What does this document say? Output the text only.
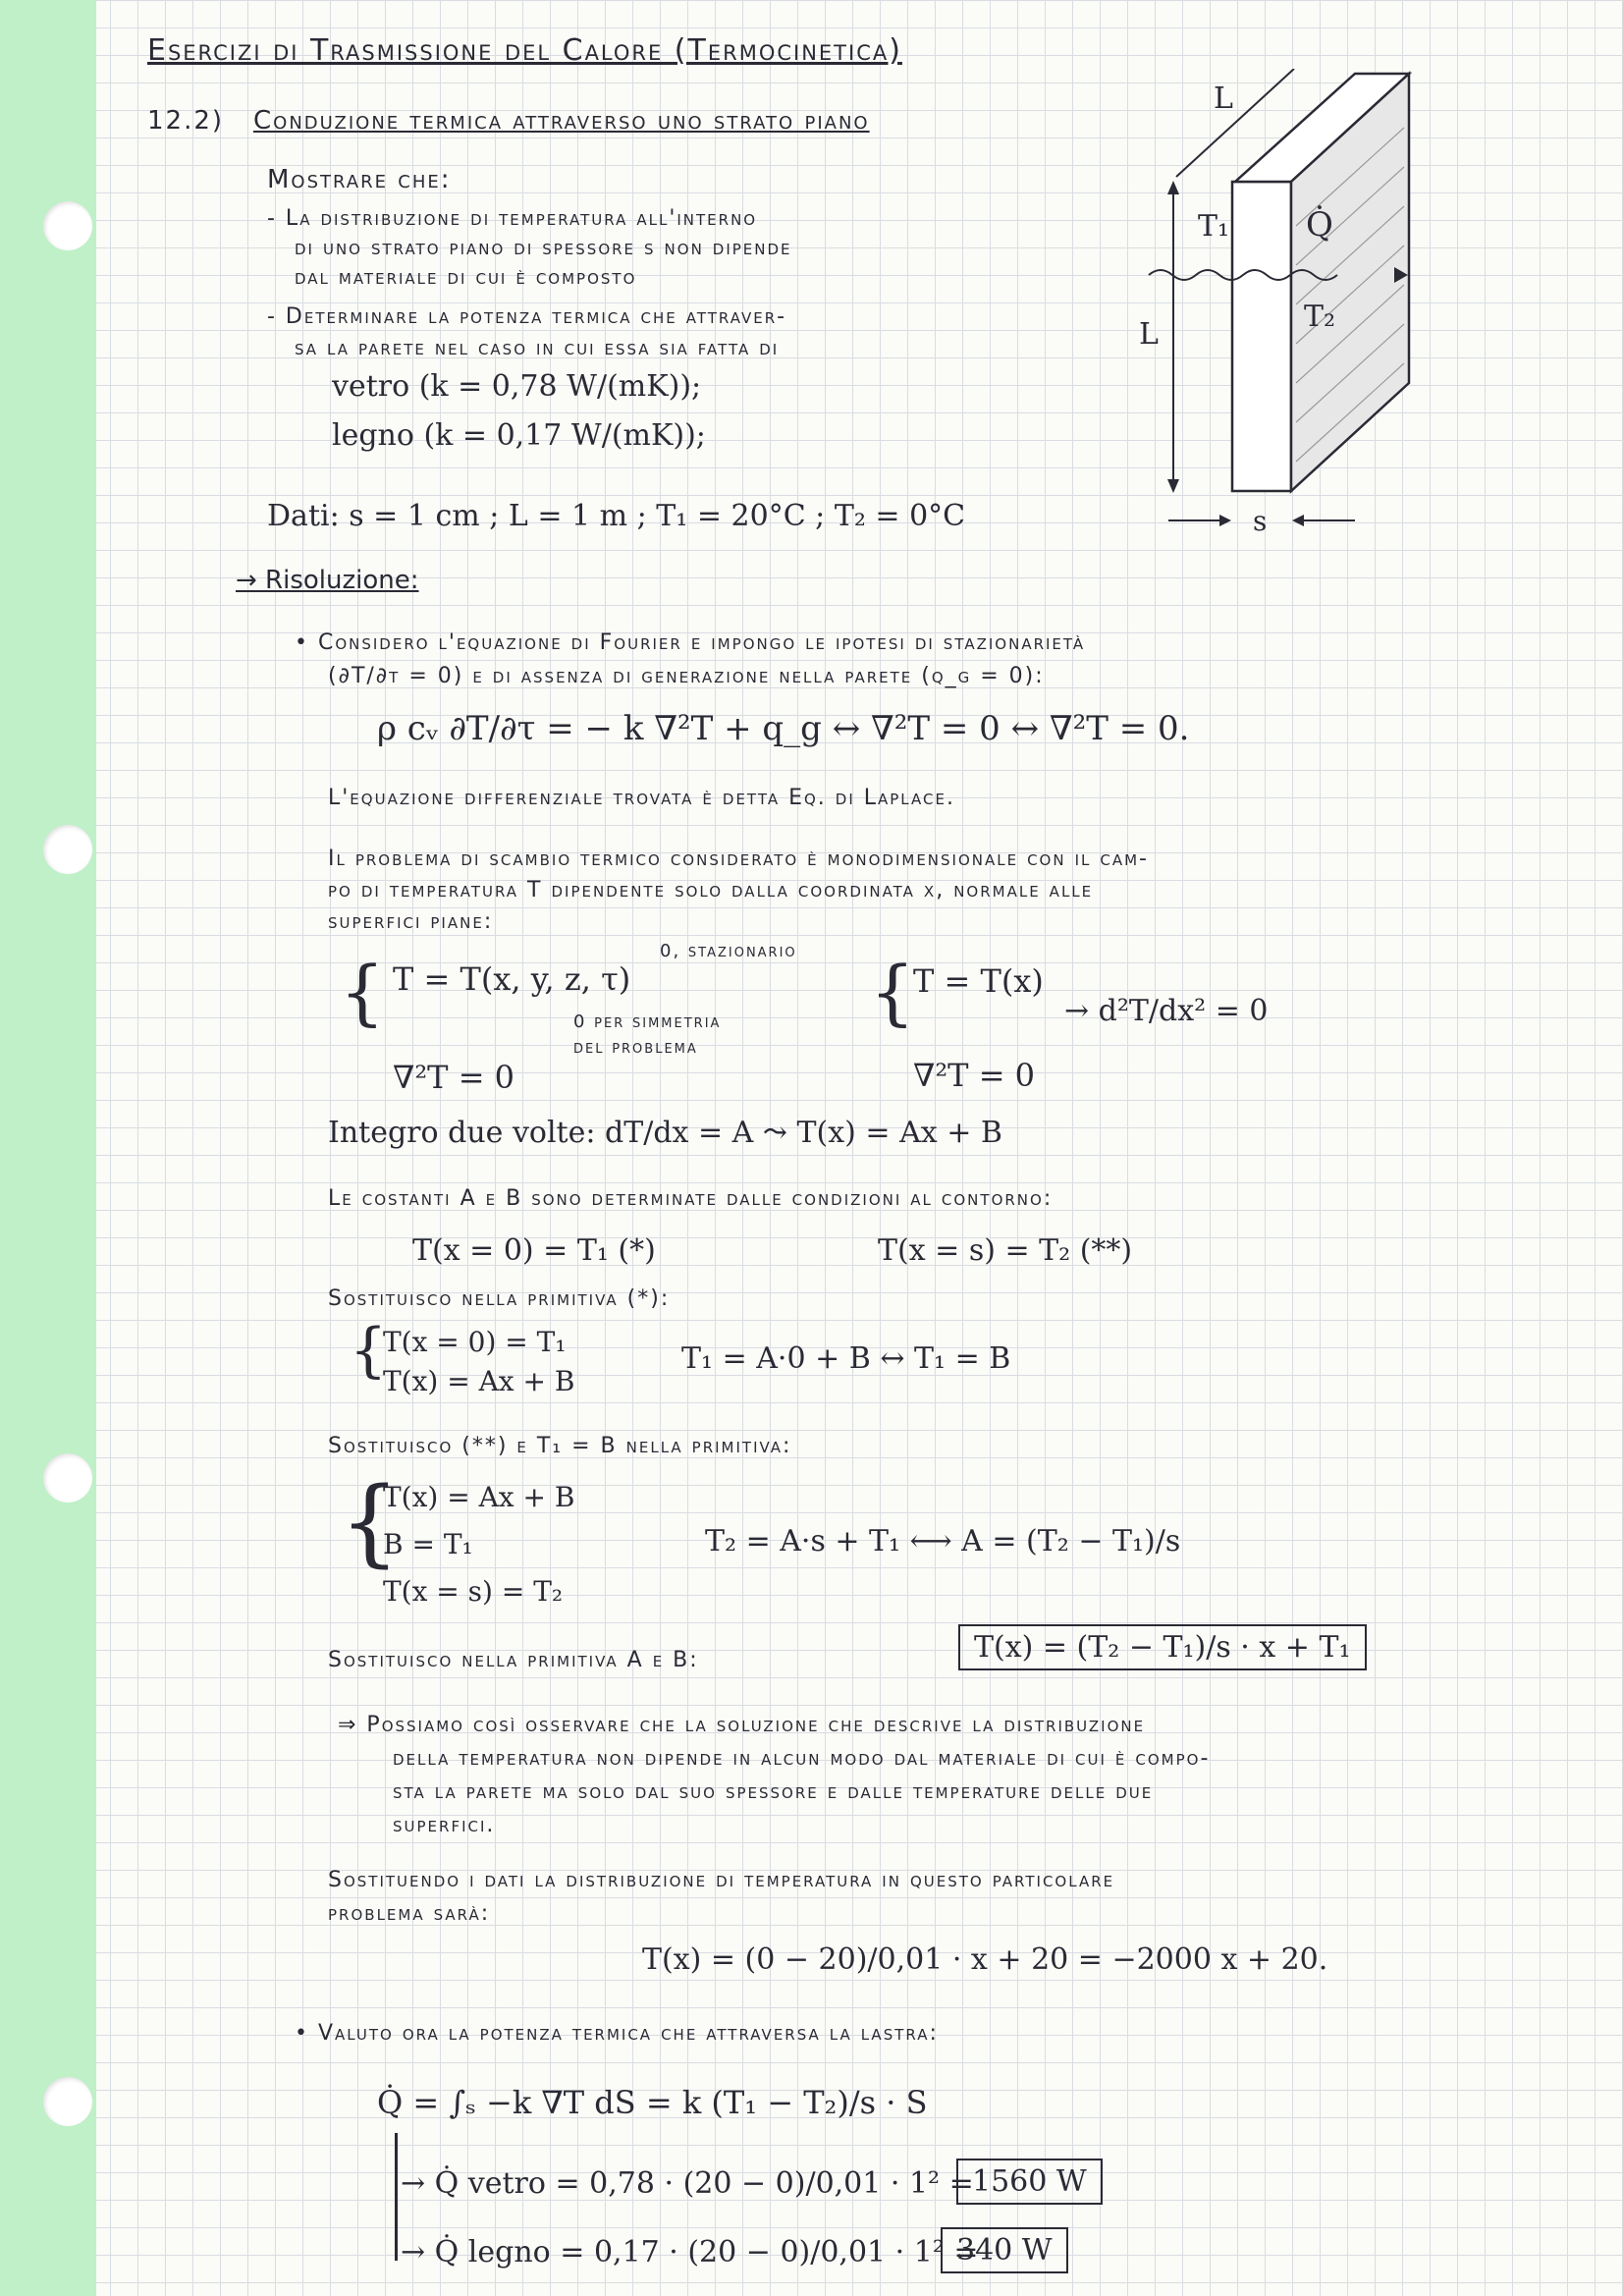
Esercizi di Trasmissione del Calore (Termocinetica)
12.2) Conduzione termica attraverso uno strato piano
Mostrare che:
- La distribuzione di temperatura all'interno
di uno strato piano di spessore s non dipende
dal materiale di cui è composto
- Determinare la potenza termica che attraver-
sa la parete nel caso in cui essa sia fatta di
vetro (k = 0,78 W/(mK));
legno (k = 0,17 W/(mK));
L
L
T₁ Q̇
T₂
s
Dati: s = 1 cm ; L = 1 m ; T₁ = 20°C ; T₂ = 0°C
→ Risoluzione:
• Considero l'equazione di Fourier e impongo le ipotesi di stazionarietà
(∂T/∂τ = 0) e di assenza di generazione nella parete (q_g = 0):
ρ cᵥ ∂T/∂τ = − k ∇²T + q_g ↔ ∇²T = 0 ↔ ∇²T = 0.
L'equazione differenziale trovata è detta Eq. di Laplace.
Il problema di scambio termico considerato è monodimensionale con il cam-
po di temperatura T dipendente solo dalla coordinata x, normale alle
superfici piane:
{ T = T(x, y, z, τ)
0, stazionario
0 per simmetria
del problema
∇²T = 0
{
T = T(x)
∇²T = 0
→ d²T/dx² = 0
Integro due volte: dT/dx = A ⤳ T(x) = Ax + B
Le costanti A e B sono determinate dalle condizioni al contorno:
T(x = 0) = T₁ (*)	T(x = s) = T₂ (**)
Sostituisco nella primitiva (*):
{
T(x = 0) = T₁
T(x) = Ax + B
T₁ = A·0 + B ↔ T₁ = B
Sostituisco (**) e T₁ = B nella primitiva:
{
T(x) = Ax + B
B = T₁
T(x = s) = T₂
T₂ = A·s + T₁ ⟷ A = (T₂ − T₁)/s
Sostituisco nella primitiva A e B:	T(x) = (T₂ − T₁)/s · x + T₁
⇒ Possiamo così osservare che la soluzione che descrive la distribuzione
della temperatura non dipende in alcun modo dal materiale di cui è compo-
sta la parete ma solo dal suo spessore e dalle temperature delle due
superfici.
Sostituendo i dati la distribuzione di temperatura in questo particolare
problema sarà:
T(x) = (0 − 20)/0,01 · x + 20 = −2000 x + 20.
• Valuto ora la potenza termica che attraversa la lastra:
Q̇ = ∫ₛ −k ∇T dS = k (T₁ − T₂)/s · S
→ Q̇ vetro = 0,78 · (20 − 0)/0,01 · 1² =
1560 W
→ Q̇ legno = 0,17 · (20 − 0)/0,01 · 1² =
340 W
